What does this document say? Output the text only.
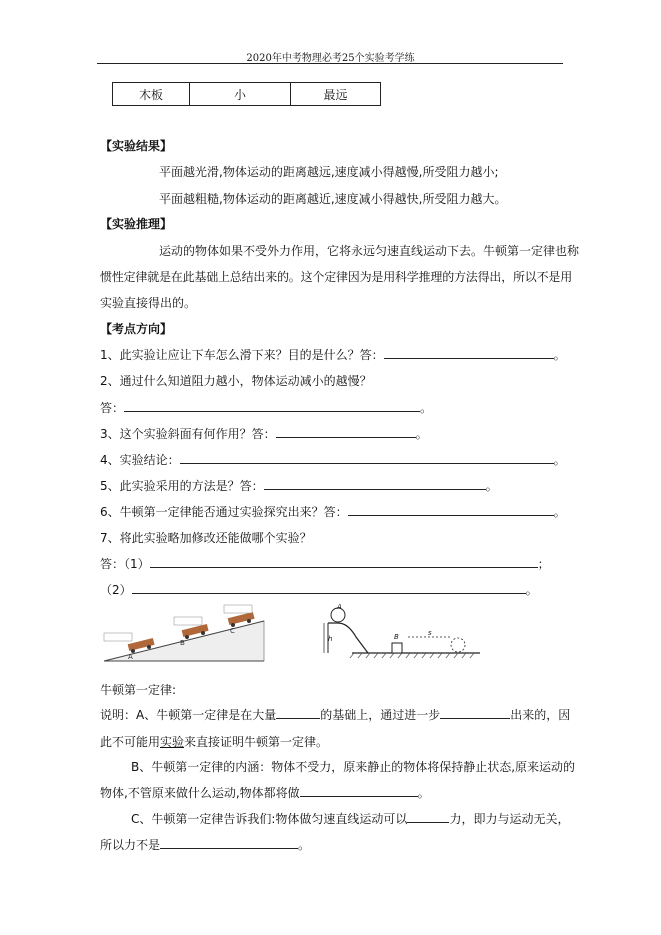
2020年中考物理必考25个实验考学练
木板	小	最远
【实验结果】
平面越光滑,物体运动的距离越远,速度减小得越慢,所受阻力越小;
平面越粗糙,物体运动的距离越近,速度减小得越快,所受阻力越大。
【实验推理】
运动的物体如果不受外力作用，它将永远匀速直线运动下去。牛顿第一定律也称
惯性定律就是在此基础上总结出来的。这个定律因为是用科学推理的方法得出，所以不是用
实验直接得出的。
【考点方向】
1、此实验让应让下车怎么滑下来？目的是什么？答：	。
2、通过什么知道阻力越小，物体运动减小的越慢？
答：	。
3、这个实验斜面有何作用？答：	。
4、实验结论：	。
5、此实验采用的方法是？答：	。
6、牛顿第一定律能否通过实验探究出来？答：	。
7、将此实验略加修改还能做哪个实验？
答：（1）	；
（2）	。
A
B
C
A
h	B	s
牛顿第一定律:
说明：A、牛顿第一定律是在大量	的基础上，通过进一步	出来的，因
此不可能用实验来直接证明牛顿第一定律。
B、牛顿第一定律的内涵：物体不受力，原来静止的物体将保持静止状态,原来运动的
物体,不管原来做什么运动,物体都将做	。
C、牛顿第一定律告诉我们:物体做匀速直线运动可以	力，即力与运动无关，
所以力不是	。
